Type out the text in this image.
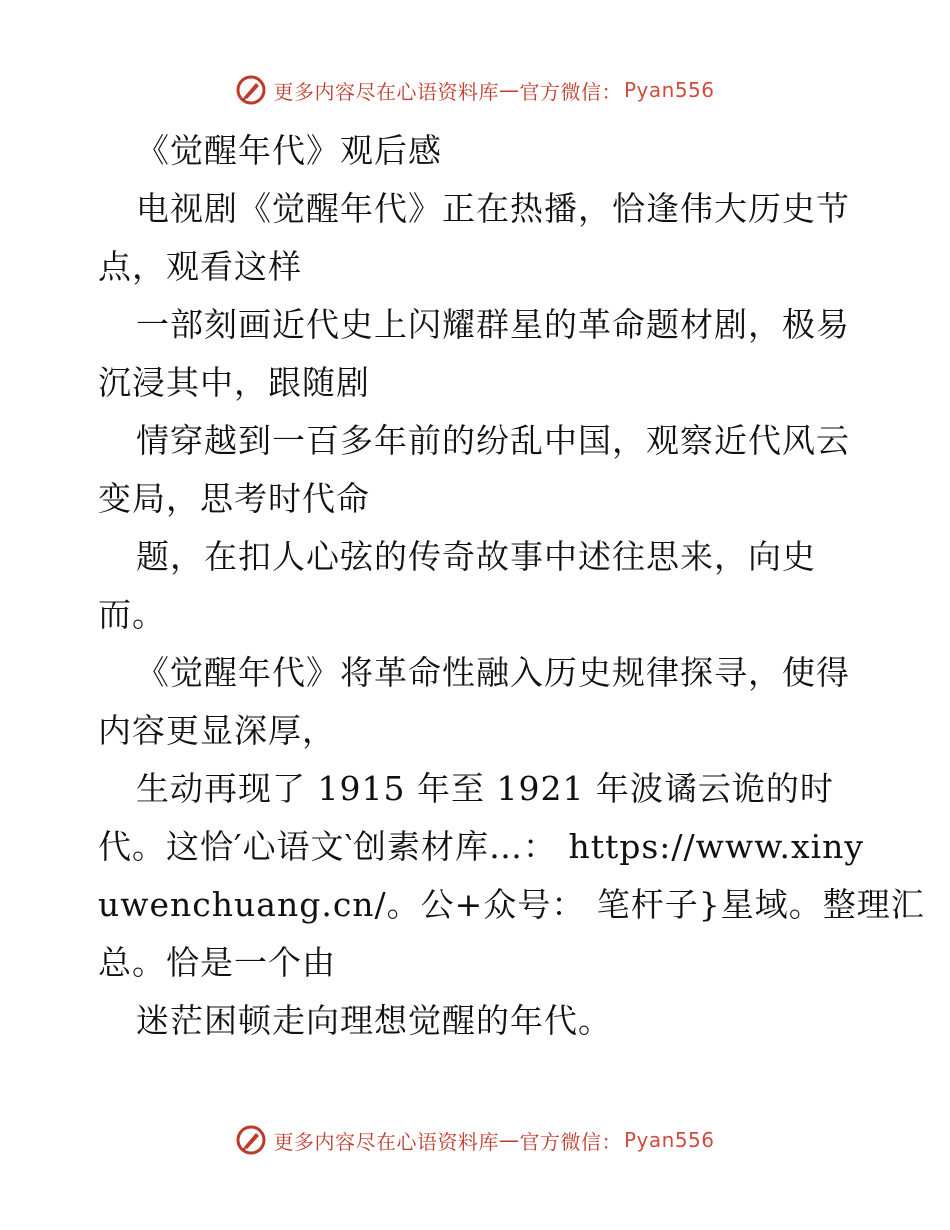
更多内容尽在心语资料库 — 官方微信： Pyan556
《觉醒年代》观后感
电视剧《觉醒年代》正在热播，恰逢伟大历史节
点，观看这样
一部刻画近代史上闪耀群星的革命题材剧，极易
沉浸其中，跟随剧
情穿越到一百多年前的纷乱中国，观察近代风云
变局，思考时代命
题，在扣人心弦的传奇故事中述往思来，向史
而。
《觉醒年代》将革命性融入历史规律探寻，使得
内容更显深厚，
生动再现了 1915 年至 1921 年波谲云诡的时
代。这恰′心语文‵创素材库…： https://www.xiny
uwenchuang.cn/。公+众号： 笔杆子}星域。整理汇
总。恰是一个由
迷茫困顿走向理想觉醒的年代。
更多内容尽在心语资料库 — 官方微信： Pyan556
